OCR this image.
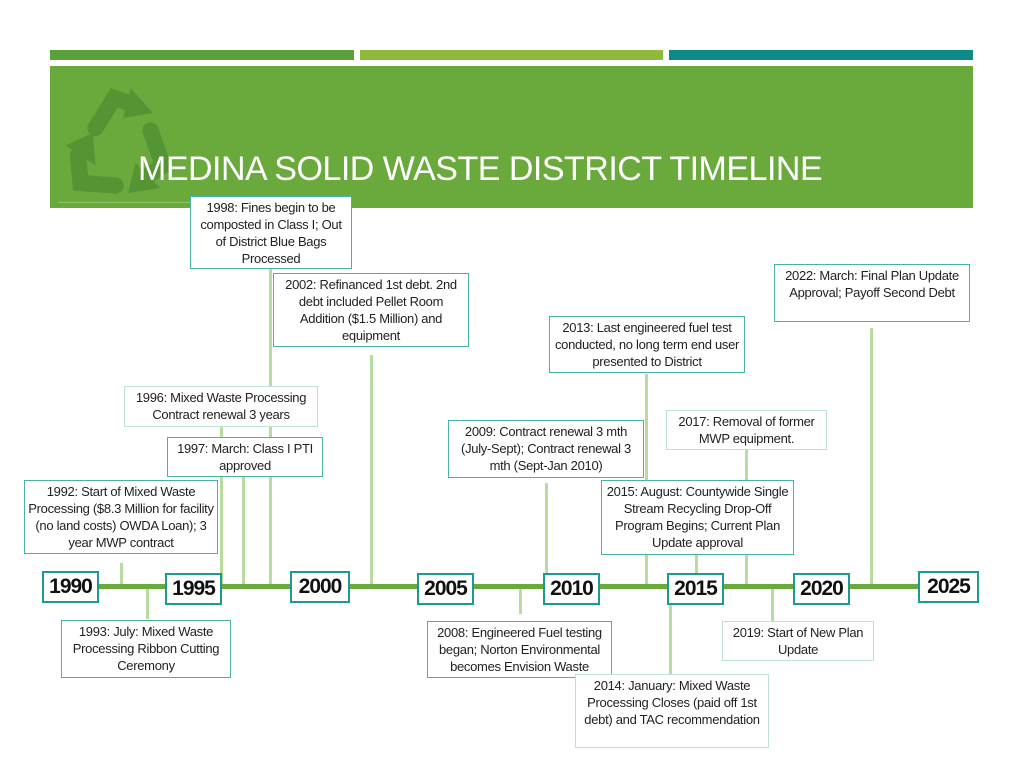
MEDINA SOLID WASTE DISTRICT TIMELINE
1990	1995	2000	2005	2010	2015	2020	2025
1998: Fines begin to be composted in Class I; Out of District Blue Bags Processed
2002: Refinanced 1st debt. 2nd debt included Pellet Room Addition ($1.5 Million) and equipment
2022: March: Final Plan Update Approval; Payoff Second Debt
2013: Last engineered fuel test conducted, no long term end user presented to District
1996: Mixed Waste Processing Contract renewal 3 years
2009: Contract renewal 3 mth (July-Sept); Contract renewal 3 mth (Sept-Jan 2010)
2017: Removal of former MWP equipment.
1997: March: Class I PTI approved
1992: Start of Mixed Waste Processing ($8.3 Million for facility (no land costs) OWDA Loan); 3 year MWP contract
2015: August: Countywide Single Stream Recycling Drop-Off Program Begins; Current Plan Update approval
1993: July: Mixed Waste Processing Ribbon Cutting Ceremony
2008: Engineered Fuel testing began; Norton Environmental becomes Envision Waste
2019: Start of New Plan Update
2014: January: Mixed Waste Processing Closes (paid off 1st debt) and TAC recommendation
